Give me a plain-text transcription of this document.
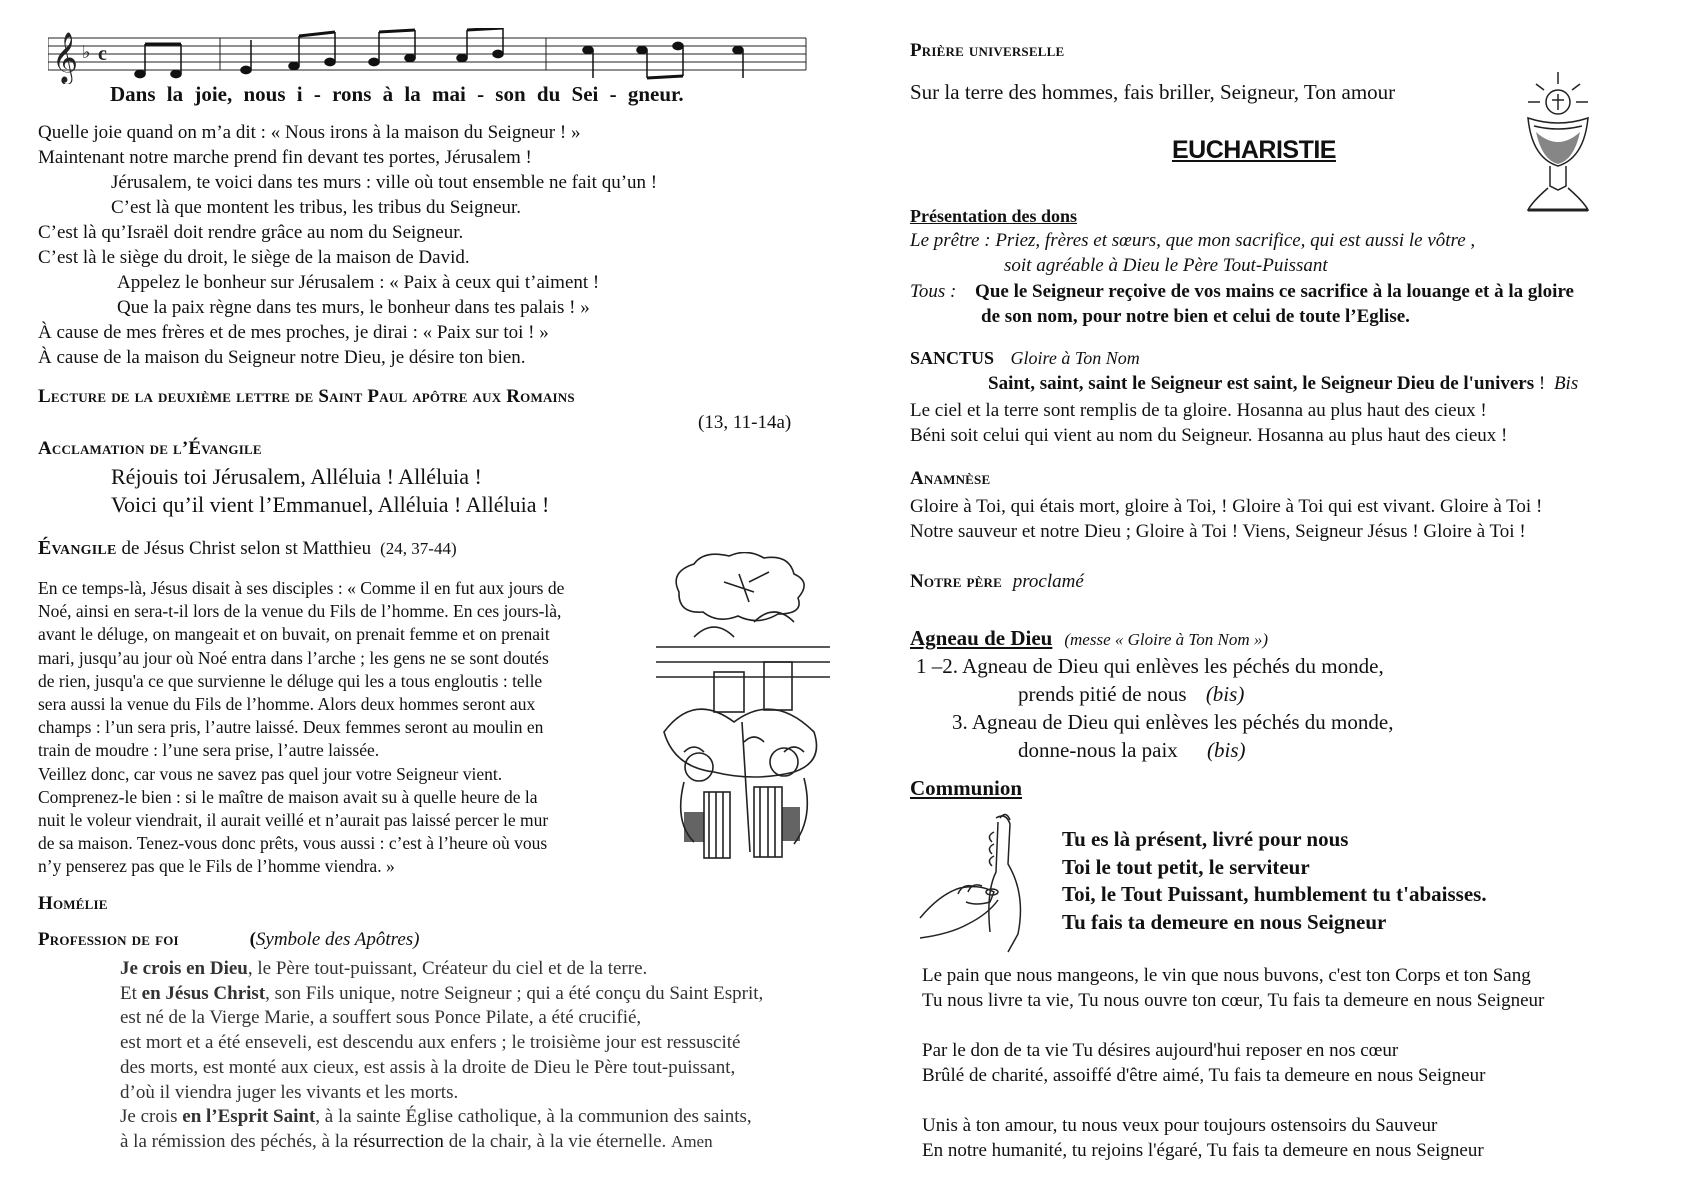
𝄞 ♭ c
Dans la joie, nous i - rons à la mai - son du Sei - gneur.
Quelle joie quand on m’a dit : « Nous irons à la maison du Seigneur ! »
Maintenant notre marche prend fin devant tes portes, Jérusalem !
Jérusalem, te voici dans tes murs : ville où tout ensemble ne fait qu’un !
C’est là que montent les tribus, les tribus du Seigneur.
C’est là qu’Israël doit rendre grâce au nom du Seigneur.
C’est là le siège du droit, le siège de la maison de David.
Appelez le bonheur sur Jérusalem : « Paix à ceux qui t’aiment !
Que la paix règne dans tes murs, le bonheur dans tes palais ! »
À cause de mes frères et de mes proches, je dirai : « Paix sur toi ! »
À cause de la maison du Seigneur notre Dieu, je désire ton bien.
Lecture de la deuxième lettre de Saint Paul apôtre aux Romains
(13, 11-14a)
Acclamation de l’Évangile
Réjouis toi Jérusalem, Alléluia ! Alléluia !
Voici qu’il vient l’Emmanuel, Alléluia ! Alléluia !
Évangile de Jésus Christ selon st Matthieu (24, 37-44)
En ce temps-là, Jésus disait à ses disciples : « Comme il en fut aux jours de
Noé, ainsi en sera-t-il lors de la venue du Fils de l’homme. En ces jours-là,
avant le déluge, on mangeait et on buvait, on prenait femme et on prenait
mari, jusqu’au jour où Noé entra dans l’arche ; les gens ne se sont doutés
de rien, jusqu'a ce que survienne le déluge qui les a tous engloutis : telle
sera aussi la venue du Fils de l’homme. Alors deux hommes seront aux
champs : l’un sera pris, l’autre laissé. Deux femmes seront au moulin en
train de moudre : l’une sera prise, l’autre laissée.
Veillez donc, car vous ne savez pas quel jour votre Seigneur vient.
Comprenez-le bien : si le maître de maison avait su à quelle heure de la
nuit le voleur viendrait, il aurait veillé et n’aurait pas laissé percer le mur
de sa maison. Tenez-vous donc prêts, vous aussi : c’est à l’heure où vous
n’y penserez pas que le Fils de l’homme viendra. »
Homélie
Profession de foi	(Symbole des Apôtres)
Je crois en Dieu, le Père tout-puissant, Créateur du ciel et de la terre.
Et en Jésus Christ, son Fils unique, notre Seigneur ; qui a été conçu du Saint Esprit,
est né de la Vierge Marie, a souffert sous Ponce Pilate, a été crucifié,
est mort et a été enseveli, est descendu aux enfers ; le troisième jour est ressuscité
des morts, est monté aux cieux, est assis à la droite de Dieu le Père tout-puissant,
d’où il viendra juger les vivants et les morts.
Je crois en l’Esprit Saint, à la sainte Église catholique, à la communion des saints,
à la rémission des péchés, à la résurrection de la chair, à la vie éternelle. Amen
Prière universelle
Sur la terre des hommes, fais briller, Seigneur, Ton amour
EUCHARISTIE
Présentation des dons
Le prêtre : Priez, frères et sœurs, que mon sacrifice, qui est aussi le vôtre ,
soit agréable à Dieu le Père Tout-Puissant
Tous : Que le Seigneur reçoive de vos mains ce sacrifice à la louange et à la gloire
de son nom, pour notre bien et celui de toute l’Eglise.
SANCTUS Gloire à Ton Nom
Saint, saint, saint le Seigneur est saint, le Seigneur Dieu de l'univers ! Bis
Le ciel et la terre sont remplis de ta gloire. Hosanna au plus haut des cieux !
Béni soit celui qui vient au nom du Seigneur. Hosanna au plus haut des cieux !
Anamnèse
Gloire à Toi, qui étais mort, gloire à Toi, ! Gloire à Toi qui est vivant. Gloire à Toi !
Notre sauveur et notre Dieu ; Gloire à Toi ! Viens, Seigneur Jésus ! Gloire à Toi !
Notre père proclamé
Agneau de Dieu (messe « Gloire à Ton Nom »)
1 –2. Agneau de Dieu qui enlèves les péchés du monde,
prends pitié de nous (bis)
3. Agneau de Dieu qui enlèves les péchés du monde,
donne-nous la paix (bis)
Communion
Tu es là présent, livré pour nous
Toi le tout petit, le serviteur
Toi, le Tout Puissant, humblement tu t'abaisses.
Tu fais ta demeure en nous Seigneur
Le pain que nous mangeons, le vin que nous buvons, c'est ton Corps et ton Sang
Tu nous livre ta vie, Tu nous ouvre ton cœur, Tu fais ta demeure en nous Seigneur
Par le don de ta vie Tu désires aujourd'hui reposer en nos cœur
Brûlé de charité, assoiffé d'être aimé, Tu fais ta demeure en nous Seigneur
Unis à ton amour, tu nous veux pour toujours ostensoirs du Sauveur
En notre humanité, tu rejoins l'égaré, Tu fais ta demeure en nous Seigneur
